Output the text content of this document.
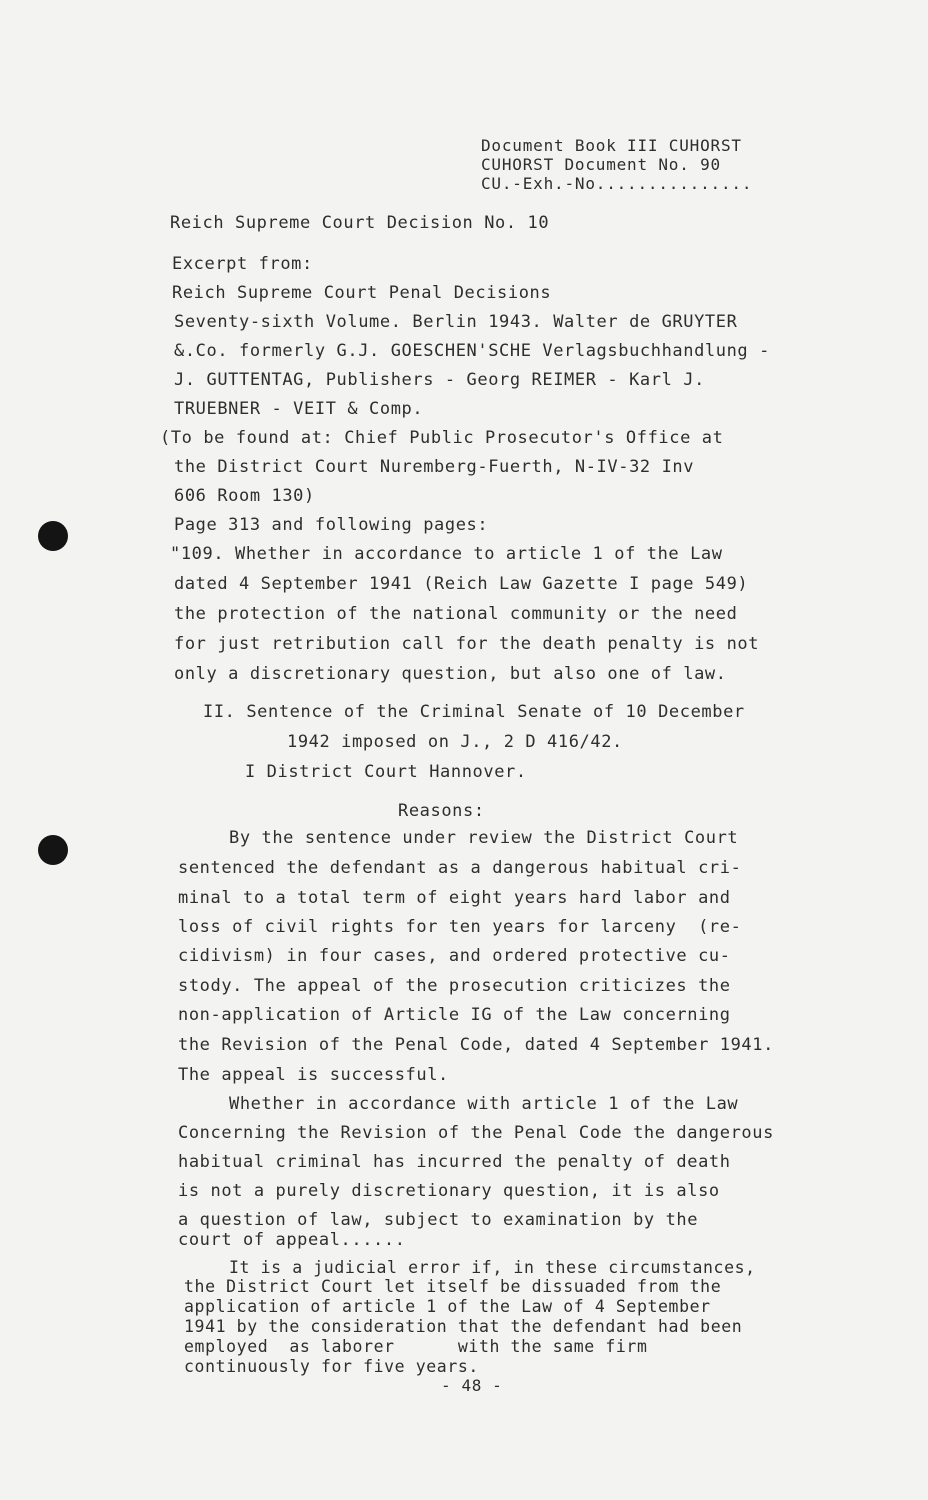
Document Book III CUHORST
CUHORST Document No. 90
CU.-Exh.-No...............
Reich Supreme Court Decision No. 10
Excerpt from:
Reich Supreme Court Penal Decisions
Seventy-sixth Volume. Berlin 1943. Walter de GRUYTER
&.Co. formerly G.J. GOESCHEN'SCHE Verlagsbuchhandlung -
J. GUTTENTAG, Publishers - Georg REIMER - Karl J.
TRUEBNER - VEIT & Comp.
(To be found at: Chief Public Prosecutor's Office at
the District Court Nuremberg-Fuerth, N-IV-32 Inv
606 Room 130)
Page 313 and following pages:
"109. Whether in accordance to article 1 of the Law
dated 4 September 1941 (Reich Law Gazette I page 549)
the protection of the national community or the need
for just retribution call for the death penalty is not
only a discretionary question, but also one of law.
II. Sentence of the Criminal Senate of 10 December
1942 imposed on J., 2 D 416/42.
I District Court Hannover.
Reasons:
By the sentence under review the District Court
sentenced the defendant as a dangerous habitual cri-
minal to a total term of eight years hard labor and
loss of civil rights for ten years for larceny  (re-
cidivism) in four cases, and ordered protective cu-
stody. The appeal of the prosecution criticizes the
non-application of Article IG of the Law concerning
the Revision of the Penal Code, dated 4 September 1941.
The appeal is successful.
Whether in accordance with article 1 of the Law
Concerning the Revision of the Penal Code the dangerous
habitual criminal has incurred the penalty of death
is not a purely discretionary question, it is also
a question of law, subject to examination by the
court of appeal......
It is a judicial error if, in these circumstances,
the District Court let itself be dissuaded from the
application of article 1 of the Law of 4 September
1941 by the consideration that the defendant had been
employed  as laborer      with the same firm
continuously for five years.
- 48 -
